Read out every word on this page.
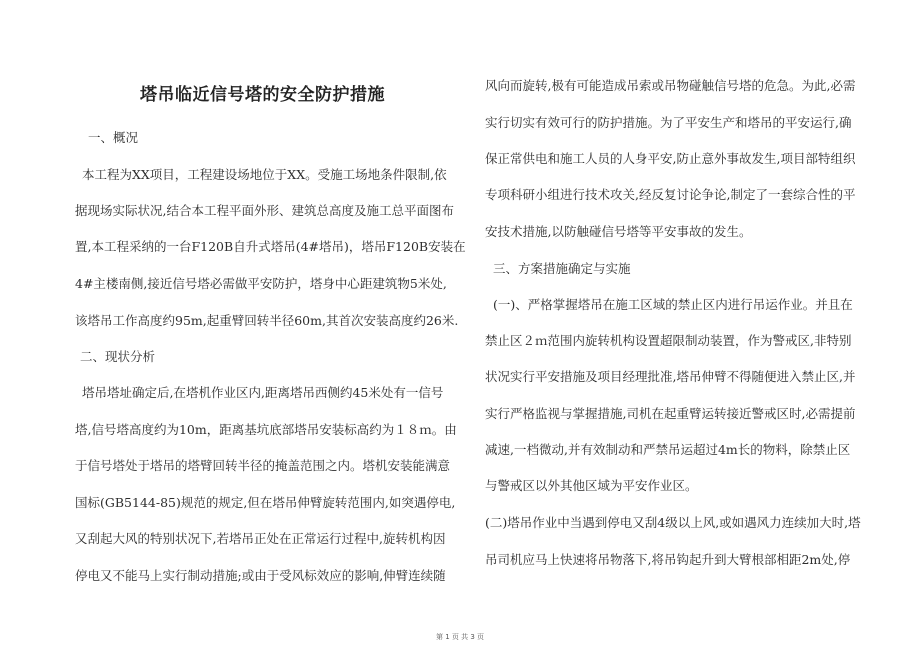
塔吊临近信号塔的安全防护措施
一、概况
本工程为XX项目，工程建设场地位于XX。受施工场地条件限制,依
据现场实际状况,结合本工程平面外形、建筑总高度及施工总平面图布
置,本工程采纳的一台F120B自升式塔吊(4#塔吊)，塔吊F120B安装在
4#主楼南侧,接近信号塔必需做平安防护，塔身中心距建筑物5米处,
该塔吊工作高度约95m,起重臂回转半径60m,其首次安装高度约26米.
二、现状分析
塔吊塔址确定后,在塔机作业区内,距离塔吊西侧约45米处有一信号
塔,信号塔高度约为10m，距离基坑底部塔吊安装标高约为１８ｍ。由
于信号塔处于塔吊的塔臂回转半径的掩盖范围之内。塔机安装能满意
国标(GB5144-85)规范的规定,但在塔吊伸臂旋转范围内,如突遇停电,
又刮起大风的特别状况下,若塔吊正处在正常运行过程中,旋转机构因
停电又不能马上实行制动措施;或由于受风标效应的影响,伸臂连续随
风向而旋转,极有可能造成吊索或吊物碰触信号塔的危急。为此,必需
实行切实有效可行的防护措施。为了平安生产和塔吊的平安运行,确
保正常供电和施工人员的人身平安,防止意外事故发生,项目部特组织
专项科研小组进行技术攻关,经反复讨论争论,制定了一套综合性的平
安技术措施,以防触碰信号塔等平安事故的发生。
三、方案措施确定与实施
(一)、严格掌握塔吊在施工区域的禁止区内进行吊运作业。并且在
禁止区２ｍ范围内旋转机构设置超限制动装置，作为警戒区,非特别
状况实行平安措施及项目经理批准,塔吊伸臂不得随便进入禁止区,并
实行严格监视与掌握措施,司机在起重臂运转接近警戒区时,必需提前
减速,一档微动,并有效制动和严禁吊运超过4m长的物料，除禁止区
与警戒区以外其他区域为平安作业区。
(二)塔吊作业中当遇到停电又刮4级以上风,或如遇风力连续加大时,塔
吊司机应马上快速将吊物落下,将吊钩起升到大臂根部相距2m处,停
第 1 页 共 3 页
